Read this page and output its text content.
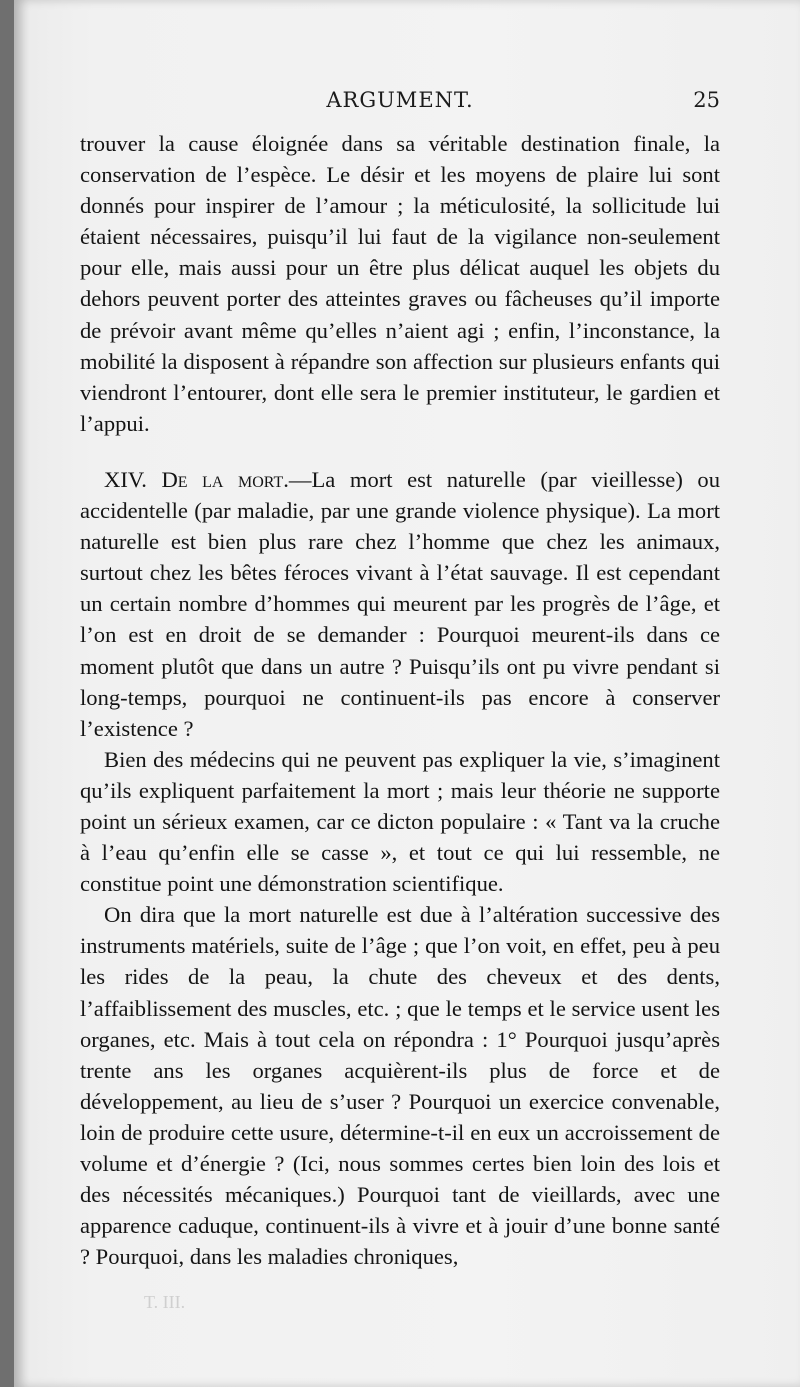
ARGUMENT.	25

trouver la cause éloignée dans sa véritable destination finale, la conservation de l’espèce. Le désir et les moyens de plaire lui sont donnés pour inspirer de l’amour ; la méticulosité, la sollicitude lui étaient nécessaires, puisqu’il lui faut de la vigilance non-seulement pour elle, mais aussi pour un être plus délicat auquel les objets du dehors peuvent porter des atteintes graves ou fâcheuses qu’il importe de prévoir avant même qu’elles n’aient agi ; enfin, l’inconstance, la mobilité la disposent à répandre son affection sur plusieurs enfants qui viendront l’entourer, dont elle sera le premier instituteur, le gardien et l’appui.

XIV. De la mort.—La mort est naturelle (par vieillesse) ou accidentelle (par maladie, par une grande violence physique). La mort naturelle est bien plus rare chez l’homme que chez les animaux, surtout chez les bêtes féroces vivant à l’état sauvage. Il est cependant un certain nombre d’hommes qui meurent par les progrès de l’âge, et l’on est en droit de se demander : Pourquoi meurent-ils dans ce moment plutôt que dans un autre ? Puisqu’ils ont pu vivre pendant si long-temps, pourquoi ne continuent-ils pas encore à conserver l’existence ?

Bien des médecins qui ne peuvent pas expliquer la vie, s’imaginent qu’ils expliquent parfaitement la mort ; mais leur théorie ne supporte point un sérieux examen, car ce dicton populaire : « Tant va la cruche à l’eau qu’enfin elle se casse », et tout ce qui lui ressemble, ne constitue point une démonstration scientifique.

On dira que la mort naturelle est due à l’altération successive des instruments matériels, suite de l’âge ; que l’on voit, en effet, peu à peu les rides de la peau, la chute des cheveux et des dents, l’affaiblissement des muscles, etc. ; que le temps et le service usent les organes, etc. Mais à tout cela on répondra : 1° Pourquoi jusqu’après trente ans les organes acquièrent-ils plus de force et de développement, au lieu de s’user ? Pourquoi un exercice convenable, loin de produire cette usure, détermine-t-il en eux un accroissement de volume et d’énergie ? (Ici, nous sommes certes bien loin des lois et des nécessités mécaniques.) Pourquoi tant de vieillards, avec une apparence caduque, continuent-ils à vivre et à jouir d’une bonne santé ? Pourquoi, dans les maladies chroniques,

T. III.
